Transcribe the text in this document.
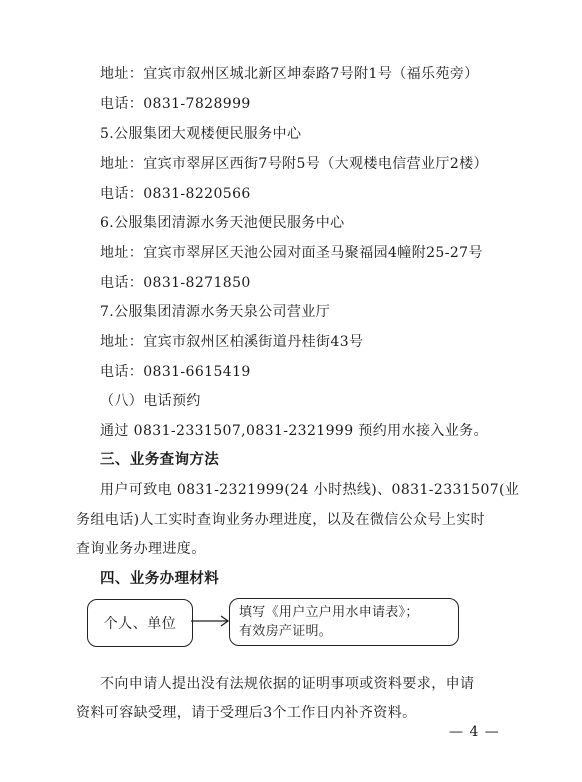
地址：宜宾市叙州区城北新区坤泰路7号附1号（福乐苑旁）
电话：0831-7828999
5.公服集团大观楼便民服务中心
地址：宜宾市翠屏区西街7号附5号（大观楼电信营业厅2楼）
电话：0831-8220566
6.公服集团清源水务天池便民服务中心
地址：宜宾市翠屏区天池公园对面圣马聚福园4幢附25-27号
电话：0831-8271850
7.公服集团清源水务天泉公司营业厅
地址：宜宾市叙州区柏溪街道丹桂街43号
电话：0831-6615419
（八）电话预约
通过 0831-2331507,0831-2321999 预约用水接入业务。
三、业务查询方法
用户可致电 0831-2321999(24 小时热线)、0831-2331507(业
务组电话)人工实时查询业务办理进度，以及在微信公众号上实时
查询业务办理进度。
四、业务办理材料
个人、单位
填写《用户立户用水申请表》；
有效房产证明。
不向申请人提出没有法规依据的证明事项或资料要求，申请
资料可容缺受理，请于受理后3个工作日内补齐资料。
— 4 —
